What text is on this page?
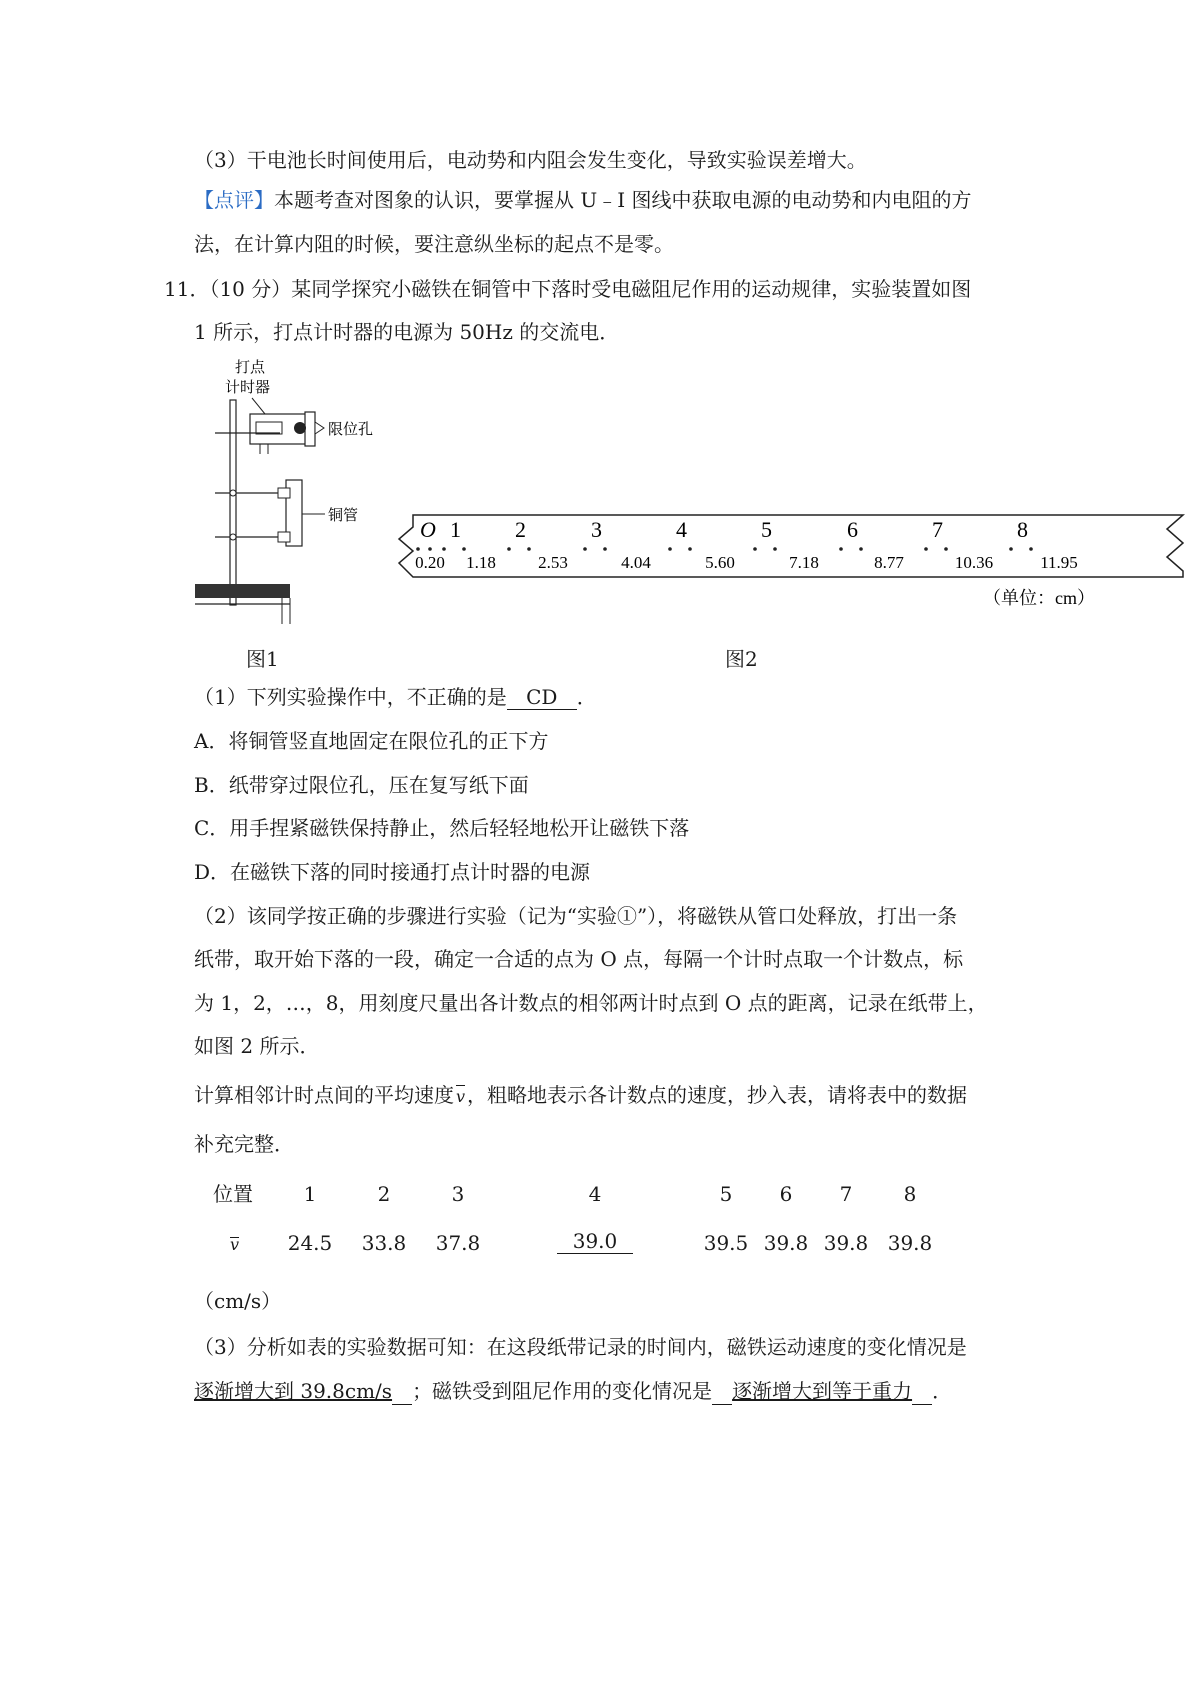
（3）干电池长时间使用后，电动势和内阻会发生变化，导致实验误差增大。
【点评】本题考查对图象的认识，要掌握从 U﹣I 图线中获取电源的电动势和内电阻的方
法，在计算内阻的时候，要注意纵坐标的起点不是零。
11．（10 分）某同学探究小磁铁在铜管中下落时受电磁阻尼作用的运动规律，实验装置如图
1 所示，打点计时器的电源为 50Hz 的交流电．
打点
计时器
限位孔
铜管
O 1 2	3	4	5	6	7	8
0.20 1.18 2.53	4.04	5.60	7.18	8.77	10.36	11.95
（单位：cm）
图1	图2
（1）下列实验操作中，不正确的是 CD ．
A．将铜管竖直地固定在限位孔的正下方
B．纸带穿过限位孔，压在复写纸下面
C．用手捏紧磁铁保持静止，然后轻轻地松开让磁铁下落
D．在磁铁下落的同时接通打点计时器的电源
（2）该同学按正确的步骤进行实验（记为“实验①”），将磁铁从管口处释放，打出一条
纸带，取开始下落的一段，确定一合适的点为 O 点，每隔一个计时点取一个计数点，标
为 1，2，…，8，用刻度尺量出各计数点的相邻两计时点到 O 点的距离，记录在纸带上，
如图 2 所示．
计算相邻计时点间的平均速度 v ，粗略地表示各计数点的速度，抄入表，请将表中的数据
补充完整．
位置	1	2	3	4	5	6	7	8
v	24.5	33.8	37.8	39.0	39.5 39.8 39.8 39.8
（cm/s）
（3）分析如表的实验数据可知：在这段纸带记录的时间内，磁铁运动速度的变化情况是
逐渐增大到 39.8cm/s ；磁铁受到阻尼作用的变化情况是 逐渐增大到等于重力 ．
